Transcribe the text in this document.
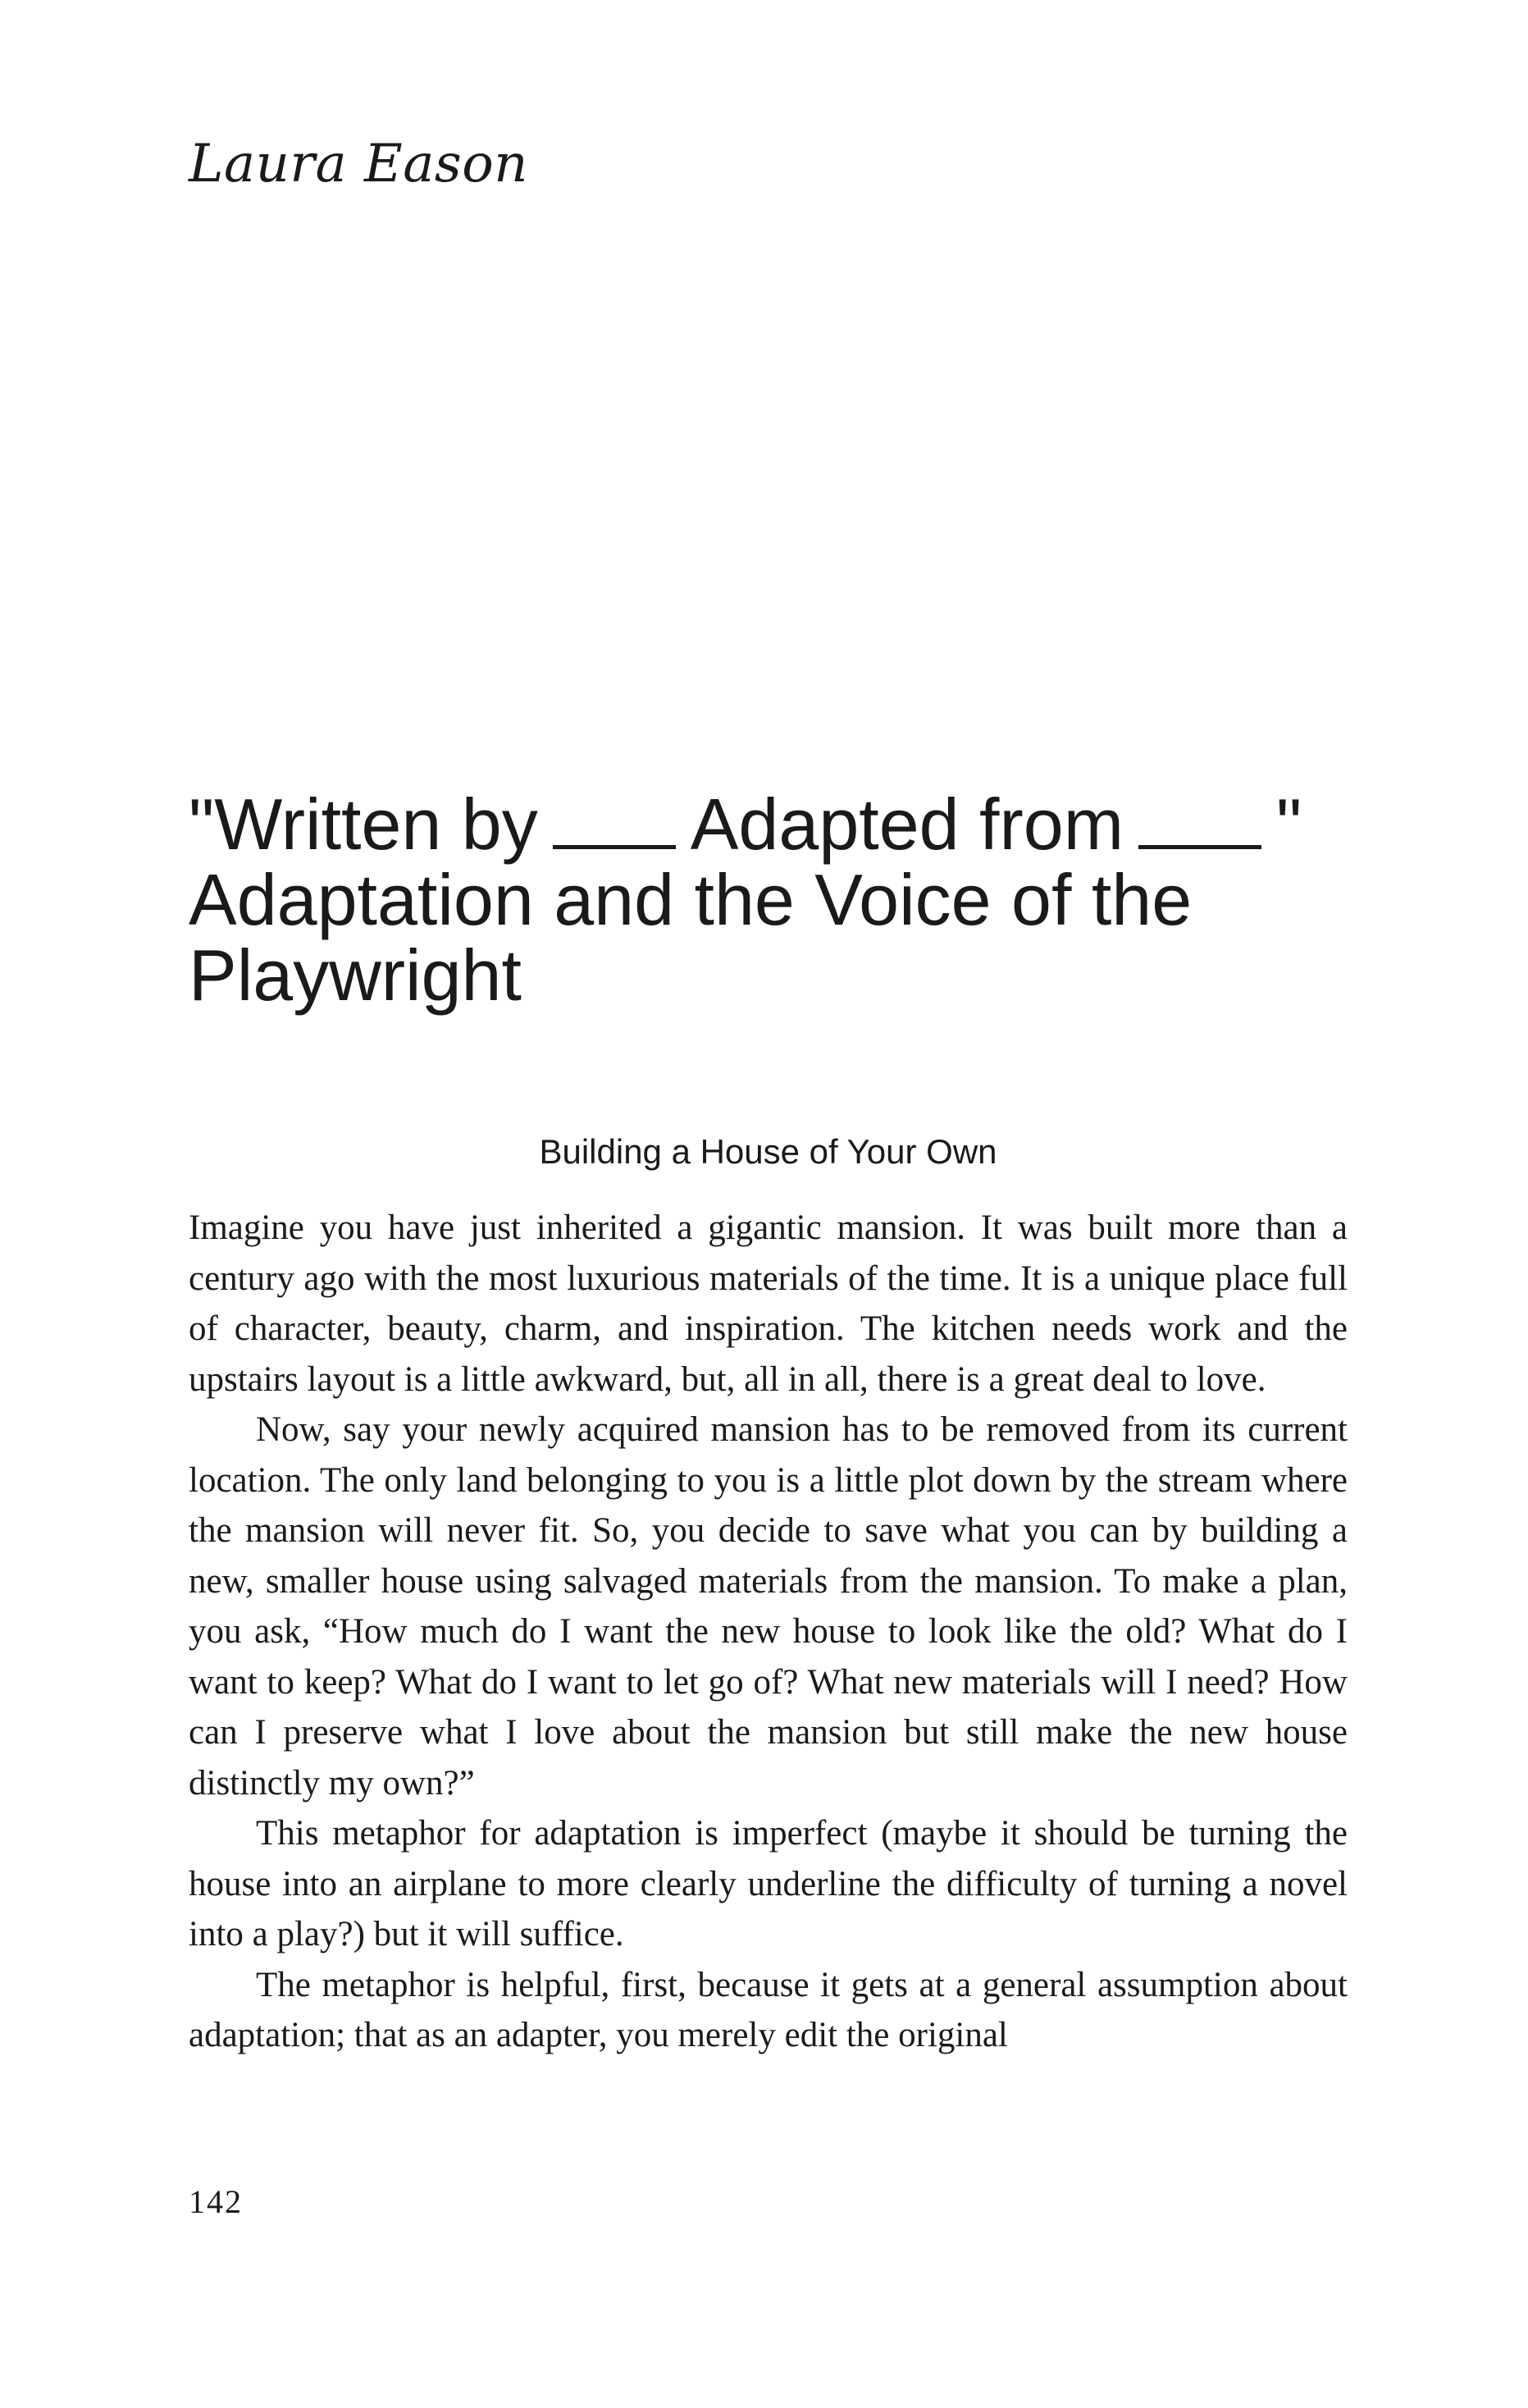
Laura Eason
"Written by Adapted from "
Adaptation and the Voice of the
Playwright
Building a House of Your Own

Imagine you have just inherited a gigantic mansion. It was built more than a century ago with the most luxurious materials of the time. It is a unique place full of character, beauty, charm, and inspiration. The kitchen needs work and the upstairs layout is a little awkward, but, all in all, there is a great deal to love.

Now, say your newly acquired mansion has to be removed from its current location. The only land belonging to you is a little plot down by the stream where the mansion will never fit. So, you decide to save what you can by building a new, smaller house using salvaged materials from the mansion. To make a plan, you ask, “How much do I want the new house to look like the old? What do I want to keep? What do I want to let go of? What new materials will I need? How can I preserve what I love about the mansion but still make the new house distinctly my own?”

This metaphor for adaptation is imperfect (maybe it should be turning the house into an airplane to more clearly underline the difficulty of turning a novel into a play?) but it will suffice.

The metaphor is helpful, first, because it gets at a general assumption about adaptation; that as an adapter, you merely edit the original

142
